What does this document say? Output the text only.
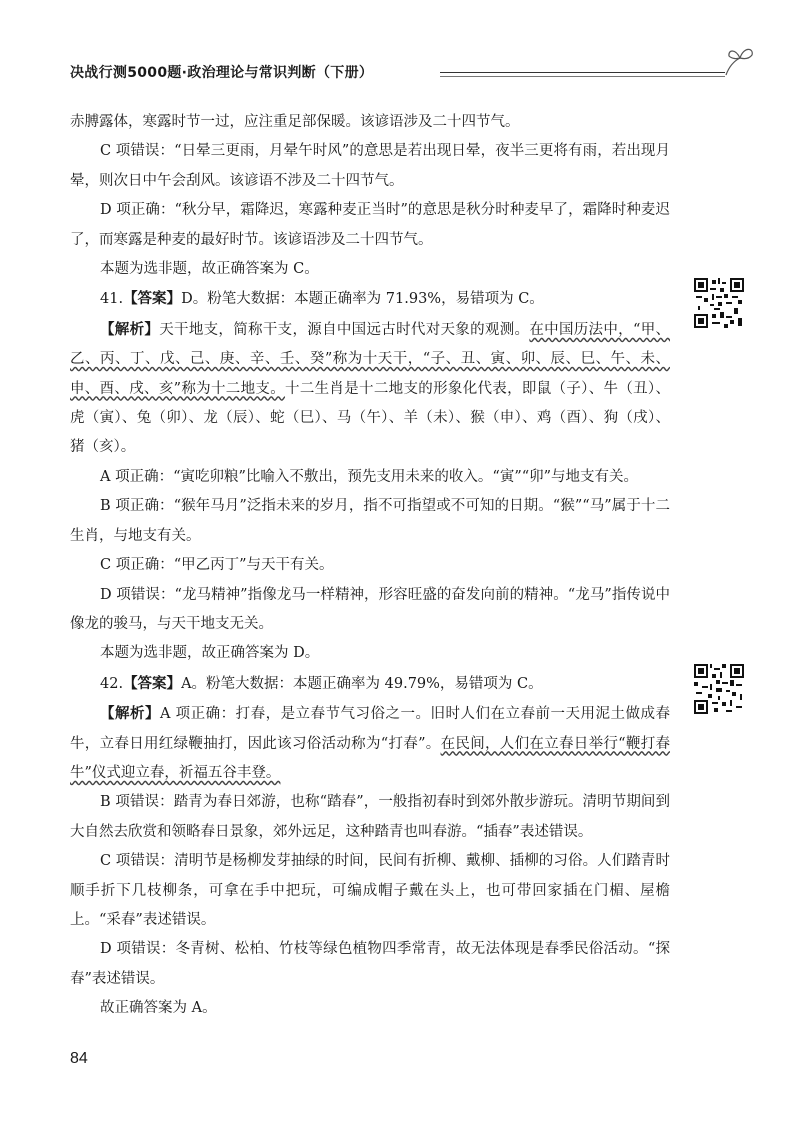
决战行测5000题·政治理论与常识判断（下册）

赤膊露体，寒露时节一过，应注重足部保暖。该谚语涉及二十四节气。

C 项错误：“日晕三更雨，月晕午时风”的意思是若出现日晕，夜半三更将有雨，若出现月晕，则次日中午会刮风。该谚语不涉及二十四节气。

D 项正确：“秋分早，霜降迟，寒露种麦正当时”的意思是秋分时种麦早了，霜降时种麦迟了，而寒露是种麦的最好时节。该谚语涉及二十四节气。

本题为选非题，故正确答案为 C。

41.【答案】D。粉笔大数据：本题正确率为 71.93%，易错项为 C。

【解析】天干地支，简称干支，源自中国远古时代对天象的观测。在中国历法中，“甲、乙、丙、丁、戊、己、庚、辛、壬、癸”称为十天干，“子、丑、寅、卯、辰、巳、午、未、申、酉、戌、亥”称为十二地支。十二生肖是十二地支的形象化代表，即鼠（子）、牛（丑）、虎（寅）、兔（卯）、龙（辰）、蛇（巳）、马（午）、羊（未）、猴（申）、鸡（酉）、狗（戌）、猪（亥）。

A 项正确：“寅吃卯粮”比喻入不敷出，预先支用未来的收入。“寅”“卯”与地支有关。

B 项正确：“猴年马月”泛指未来的岁月，指不可指望或不可知的日期。“猴”“马”属于十二生肖，与地支有关。

C 项正确：“甲乙丙丁”与天干有关。

D 项错误：“龙马精神”指像龙马一样精神，形容旺盛的奋发向前的精神。“龙马”指传说中像龙的骏马，与天干地支无关。

本题为选非题，故正确答案为 D。

42.【答案】A。粉笔大数据：本题正确率为 49.79%，易错项为 C。

【解析】A 项正确：打春，是立春节气习俗之一。旧时人们在立春前一天用泥土做成春牛，立春日用红绿鞭抽打，因此该习俗活动称为“打春”。在民间，人们在立春日举行“鞭打春牛”仪式迎立春，祈福五谷丰登。

B 项错误：踏青为春日郊游，也称“踏春”，一般指初春时到郊外散步游玩。清明节期间到大自然去欣赏和领略春日景象，郊外远足，这种踏青也叫春游。“插春”表述错误。

C 项错误：清明节是杨柳发芽抽绿的时间，民间有折柳、戴柳、插柳的习俗。人们踏青时顺手折下几枝柳条，可拿在手中把玩，可编成帽子戴在头上，也可带回家插在门楣、屋檐上。“采春”表述错误。

D 项错误：冬青树、松柏、竹枝等绿色植物四季常青，故无法体现是春季民俗活动。“探春”表述错误。

故正确答案为 A。

84
